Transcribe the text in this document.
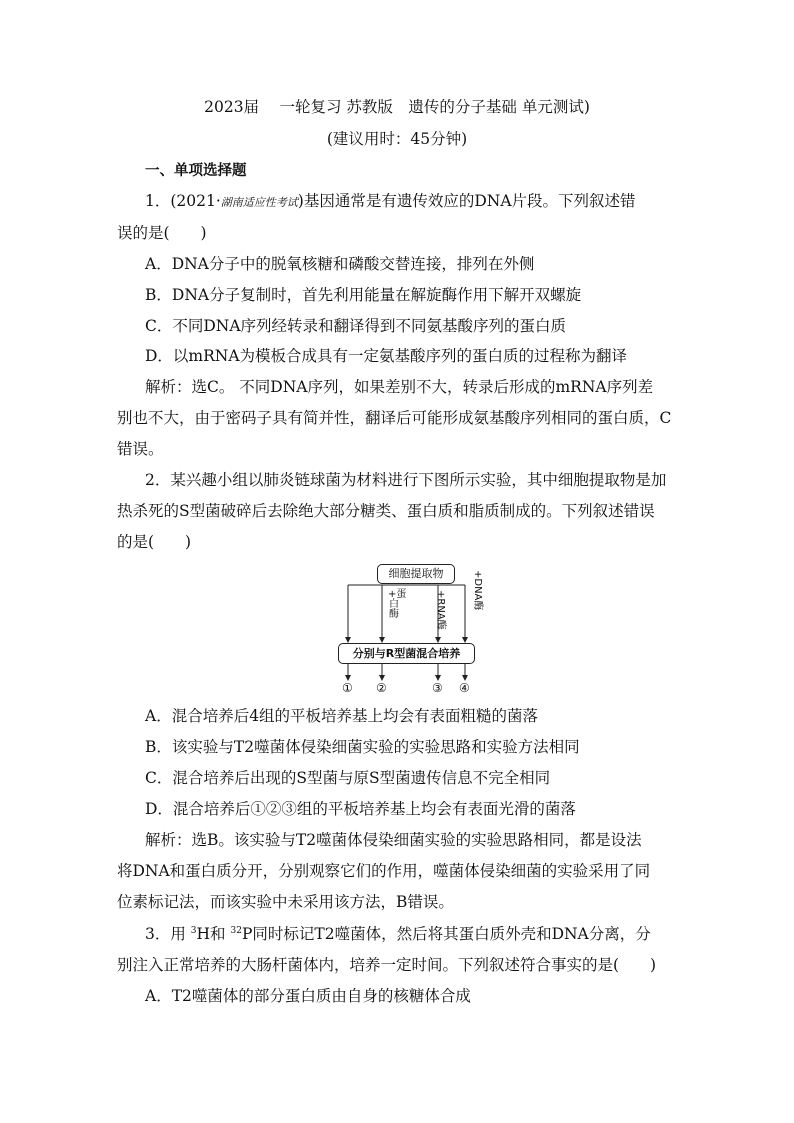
2023届　 一轮复习 苏教版　遗传的分子基础 单元测试)
(建议用时：45分钟)
一、单项选择题
1．(2021·湖南适应性考试)基因通常是有遗传效应的DNA片段。下列叙述错
误的是(　　)
A．DNA分子中的脱氧核糖和磷酸交替连接，排列在外侧
B．DNA分子复制时，首先利用能量在解旋酶作用下解开双螺旋
C．不同DNA序列经转录和翻译得到不同氨基酸序列的蛋白质
D．以mRNA为模板合成具有一定氨基酸序列的蛋白质的过程称为翻译
解析：选C。 不同DNA序列，如果差别不大，转录后形成的mRNA序列差
别也不大，由于密码子具有简并性，翻译后可能形成氨基酸序列相同的蛋白质，C
错误。
2．某兴趣小组以肺炎链球菌为材料进行下图所示实验，其中细胞提取物是加
热杀死的S型菌破碎后去除绝大部分糖类、蛋白质和脂质制成的。下列叙述错误
的是(　　)
细胞提取物
+蛋白酶	+RNA酶	+DNA酶
分别与R型菌混合培养
① ②	③ ④
A．混合培养后4组的平板培养基上均会有表面粗糙的菌落
B．该实验与T2噬菌体侵染细菌实验的实验思路和实验方法相同
C．混合培养后出现的S型菌与原S型菌遗传信息不完全相同
D．混合培养后①②③组的平板培养基上均会有表面光滑的菌落
解析：选B。该实验与T2噬菌体侵染细菌实验的实验思路相同，都是设法
将DNA和蛋白质分开，分别观察它们的作用，噬菌体侵染细菌的实验采用了同
位素标记法，而该实验中未采用该方法，B错误。
3．用 $^3$H和 $^{32}$P同时标记T2噬菌体，然后将其蛋白质外壳和DNA分离，分
别注入正常培养的大肠杆菌体内，培养一定时间。下列叙述符合事实的是(　　)
A．T2噬菌体的部分蛋白质由自身的核糖体合成
